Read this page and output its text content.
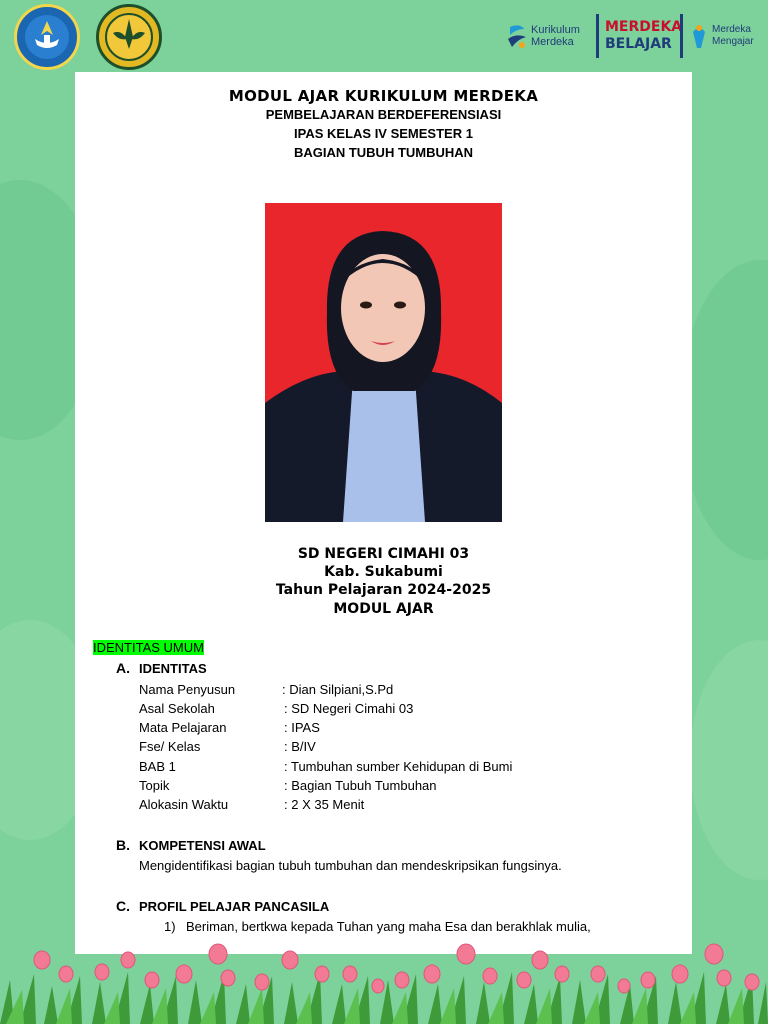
Kurikulum
Merdeka
MERDEKA
BELAJAR
Merdeka
Mengajar
MODUL AJAR KURIKULUM MERDEKA
PEMBELAJARAN BERDEFERENSIASI
IPAS KELAS IV SEMESTER 1
BAGIAN TUBUH TUMBUHAN
SD NEGERI CIMAHI 03
Kab. Sukabumi
Tahun Pelajaran 2024-2025
MODUL AJAR
IDENTITAS UMUM
A. IDENTITAS
Nama Penyusun	: Dian Silpiani,S.Pd
Asal Sekolah	: SD Negeri Cimahi 03
Mata Pelajaran	: IPAS
Fse/ Kelas	: B/IV
BAB 1	: Tumbuhan sumber Kehidupan di Bumi
Topik	: Bagian Tubuh Tumbuhan
Alokasin Waktu	: 2 X 35 Menit
B. KOMPETENSI AWAL
Mengidentifikasi bagian tubuh tumbuhan dan mendeskripsikan fungsinya.
C. PROFIL PELAJAR PANCASILA
1) Beriman, bertkwa kepada Tuhan yang maha Esa dan berakhlak mulia,
